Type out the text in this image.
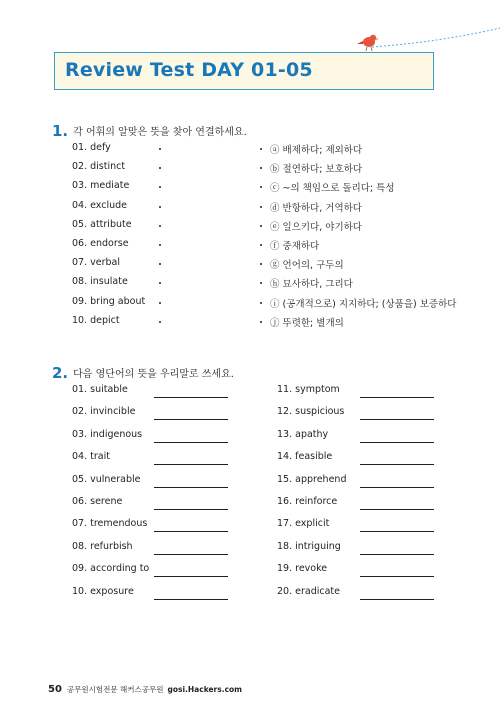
Review Test DAY 01-05
1. 각 어휘의 알맞은 뜻을 찾아 연결하세요.
01. defy	ⓐ 배제하다; 제외하다
02. distinct	ⓑ 절연하다; 보호하다
03. mediate	ⓒ ~의 책임으로 돌리다; 특성
04. exclude	ⓓ 반항하다, 거역하다
05. attribute	ⓔ 일으키다, 야기하다
06. endorse	ⓕ 중재하다
07. verbal	ⓖ 언어의, 구두의
08. insulate	ⓗ 묘사하다, 그리다
09. bring about	ⓘ (공개적으로) 지지하다; (상품을) 보증하다
10. depict	ⓙ 뚜렷한; 별개의
2. 다음 영단어의 뜻을 우리말로 쓰세요.
01. suitable
02. invincible
03. indigenous
04. trait
05. vulnerable
06. serene
07. tremendous
08. refurbish
09. according to
10. exposure
11. symptom
12. suspicious
13. apathy
14. feasible
15. apprehend
16. reinforce
17. explicit
18. intriguing
19. revoke
20. eradicate
50 공무원시험전문 해커스공무원 gosi.Hackers.com
